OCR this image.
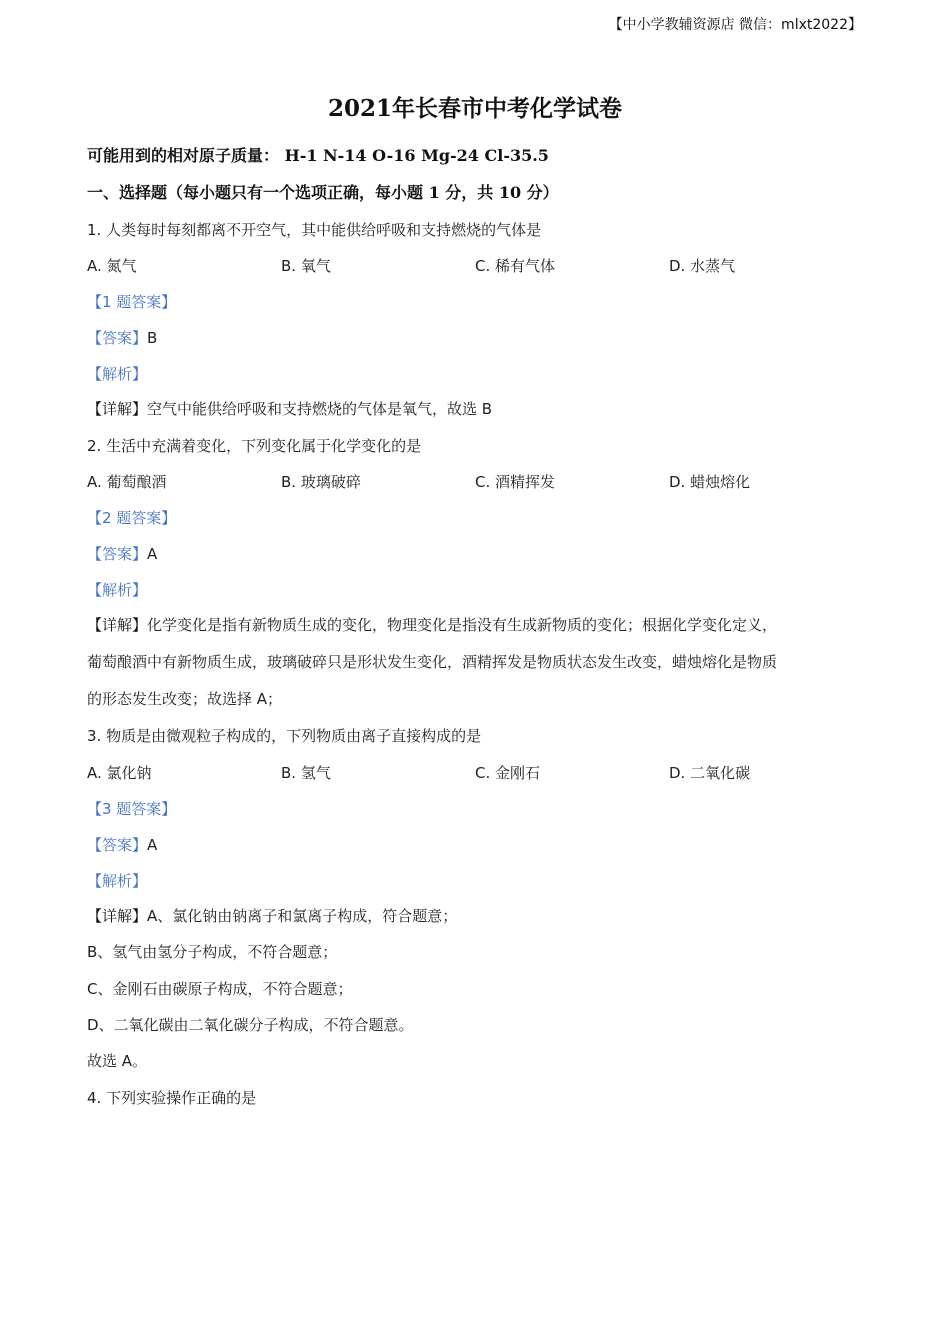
【中小学教辅资源店 微信：mlxt2022】
2021年长春市中考化学试卷
可能用到的相对原子质量： H-1 N-14 O-16 Mg-24 Cl-35.5
一、选择题（每小题只有一个选项正确，每小题 1 分，共 10 分）
1. 人类每时每刻都离不开空气，其中能供给呼吸和支持燃烧的气体是
A. 氮气	B. 氧气	C. 稀有气体	D. 水蒸气
【1 题答案】
【答案】B
【解析】
【详解】空气中能供给呼吸和支持燃烧的气体是氧气，故选 B
2. 生活中充满着变化，下列变化属于化学变化的是
A. 葡萄酿酒	B. 玻璃破碎	C. 酒精挥发	D. 蜡烛熔化
【2 题答案】
【答案】A
【解析】
【详解】化学变化是指有新物质生成的变化，物理变化是指没有生成新物质的变化；根据化学变化定义，
葡萄酿酒中有新物质生成，玻璃破碎只是形状发生变化，酒精挥发是物质状态发生改变，蜡烛熔化是物质
的形态发生改变；故选择 A；
3. 物质是由微观粒子构成的，下列物质由离子直接构成的是
A. 氯化钠	B. 氢气	C. 金刚石	D. 二氧化碳
【3 题答案】
【答案】A
【解析】
【详解】A、氯化钠由钠离子和氯离子构成，符合题意；
B、氢气由氢分子构成，不符合题意；
C、金刚石由碳原子构成，不符合题意；
D、二氧化碳由二氧化碳分子构成，不符合题意。
故选 A。
4. 下列实验操作正确的是
